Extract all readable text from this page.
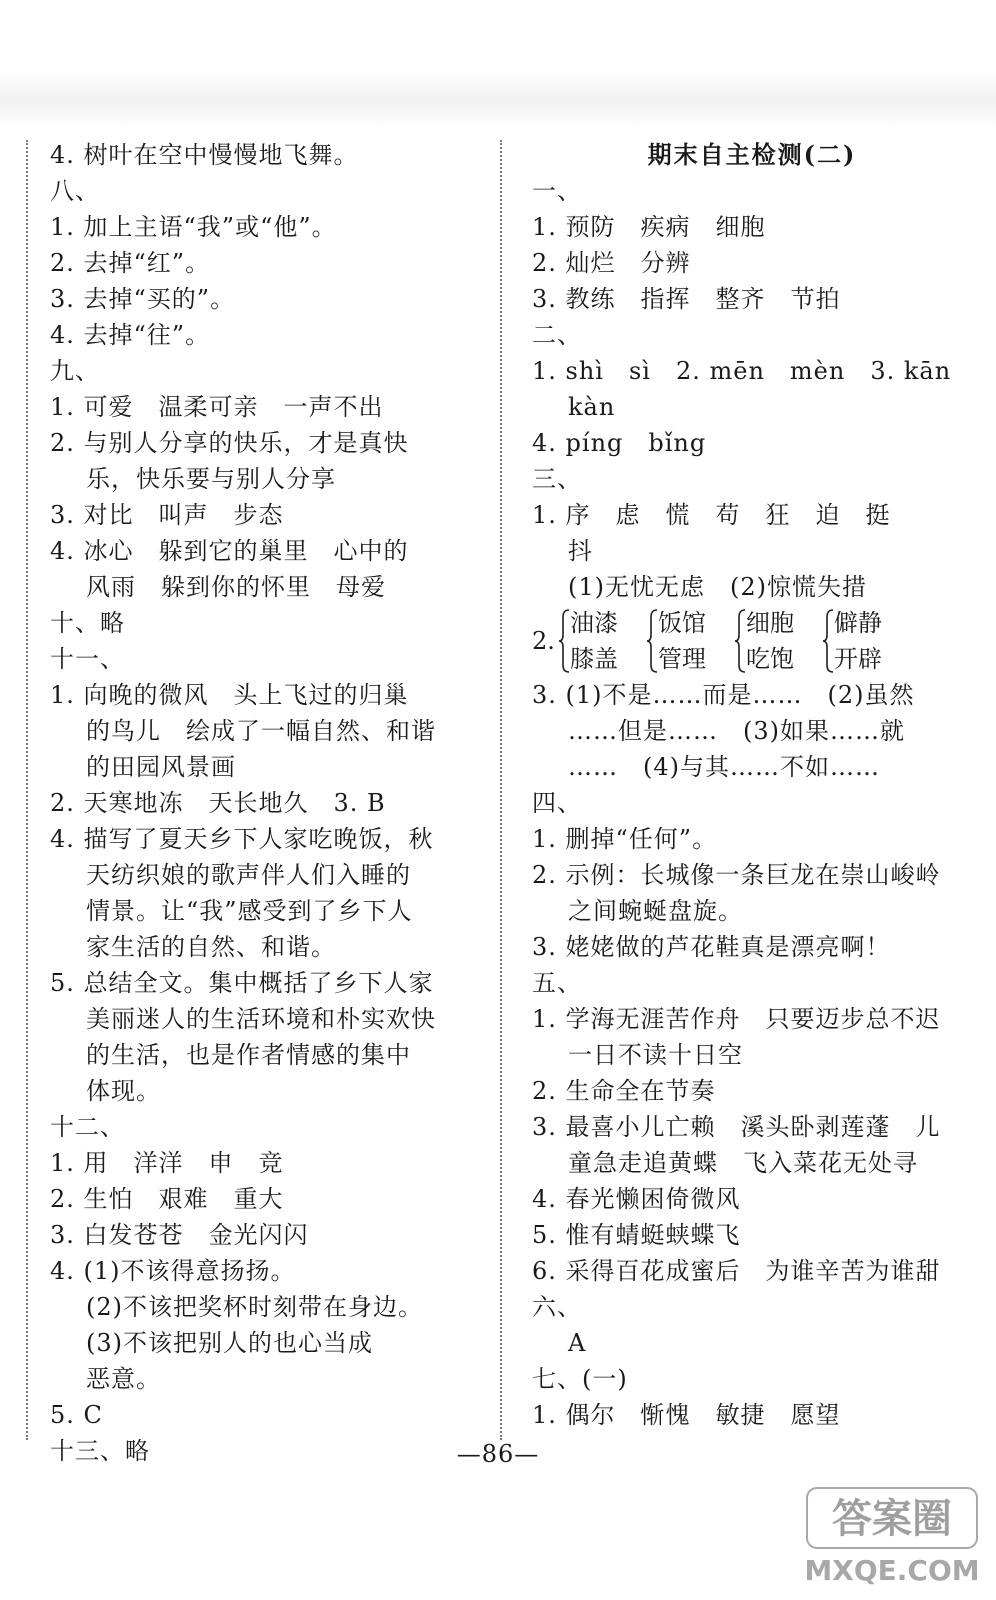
4. 树叶在空中慢慢地飞舞。
八、
1. 加上主语“我”或“他”。
2. 去掉“红”。
3. 去掉“买的”。
4. 去掉“往”。
九、
1. 可爱　温柔可亲　一声不出
2. 与别人分享的快乐，才是真快
乐，快乐要与别人分享
3. 对比　叫声　步态
4. 冰心　躲到它的巢里　心中的
风雨　躲到你的怀里　母爱
十、略
十一、
1. 向晚的微风　头上飞过的归巢
的鸟儿　绘成了一幅自然、和谐
的田园风景画
2. 天寒地冻　天长地久　3. B
4. 描写了夏天乡下人家吃晚饭，秋
天纺织娘的歌声伴人们入睡的
情景。让“我”感受到了乡下人
家生活的自然、和谐。
5. 总结全文。集中概括了乡下人家
美丽迷人的生活环境和朴实欢快
的生活，也是作者情感的集中
体现。
十二、
1. 用　洋洋　申　竞
2. 生怕　艰难　重大
3. 白发苍苍　金光闪闪
4. (1)不该得意扬扬。
(2)不该把奖杯时刻带在身边。
(3)不该把别人的也心当成
恶意。
5. C
十三、略
期末自主检测(二)
一、
1. 预防　疾病　细胞
2. 灿烂　分辨
3. 教练　指挥　整齐　节拍
二、
1. shì　sì　2. mēn　mèn　3. kān
kàn
4. píng　bǐng
三、
1. 序　虑　慌　苟　狂　迫　挺
抖
(1)无忧无虑　(2)惊慌失措
2.
油漆
膝盖
饭馆
管理
细胞
吃饱
僻静
开辟
3. (1)不是……而是……　(2)虽然
……但是……　(3)如果……就
……　(4)与其……不如……
四、
1. 删掉“任何”。
2. 示例：长城像一条巨龙在崇山峻岭
之间蜿蜒盘旋。
3. 姥姥做的芦花鞋真是漂亮啊！
五、
1. 学海无涯苦作舟　只要迈步总不迟
一日不读十日空
2. 生命全在节奏
3. 最喜小儿亡赖　溪头卧剥莲蓬　儿
童急走追黄蝶　飞入菜花无处寻
4. 春光懒困倚微风
5. 惟有蜻蜓蛱蝶飞
6. 采得百花成蜜后　为谁辛苦为谁甜
六、
A
七、(一)
1. 偶尔　惭愧　敏捷　愿望
—86—
答案圈
MXQE.COM
